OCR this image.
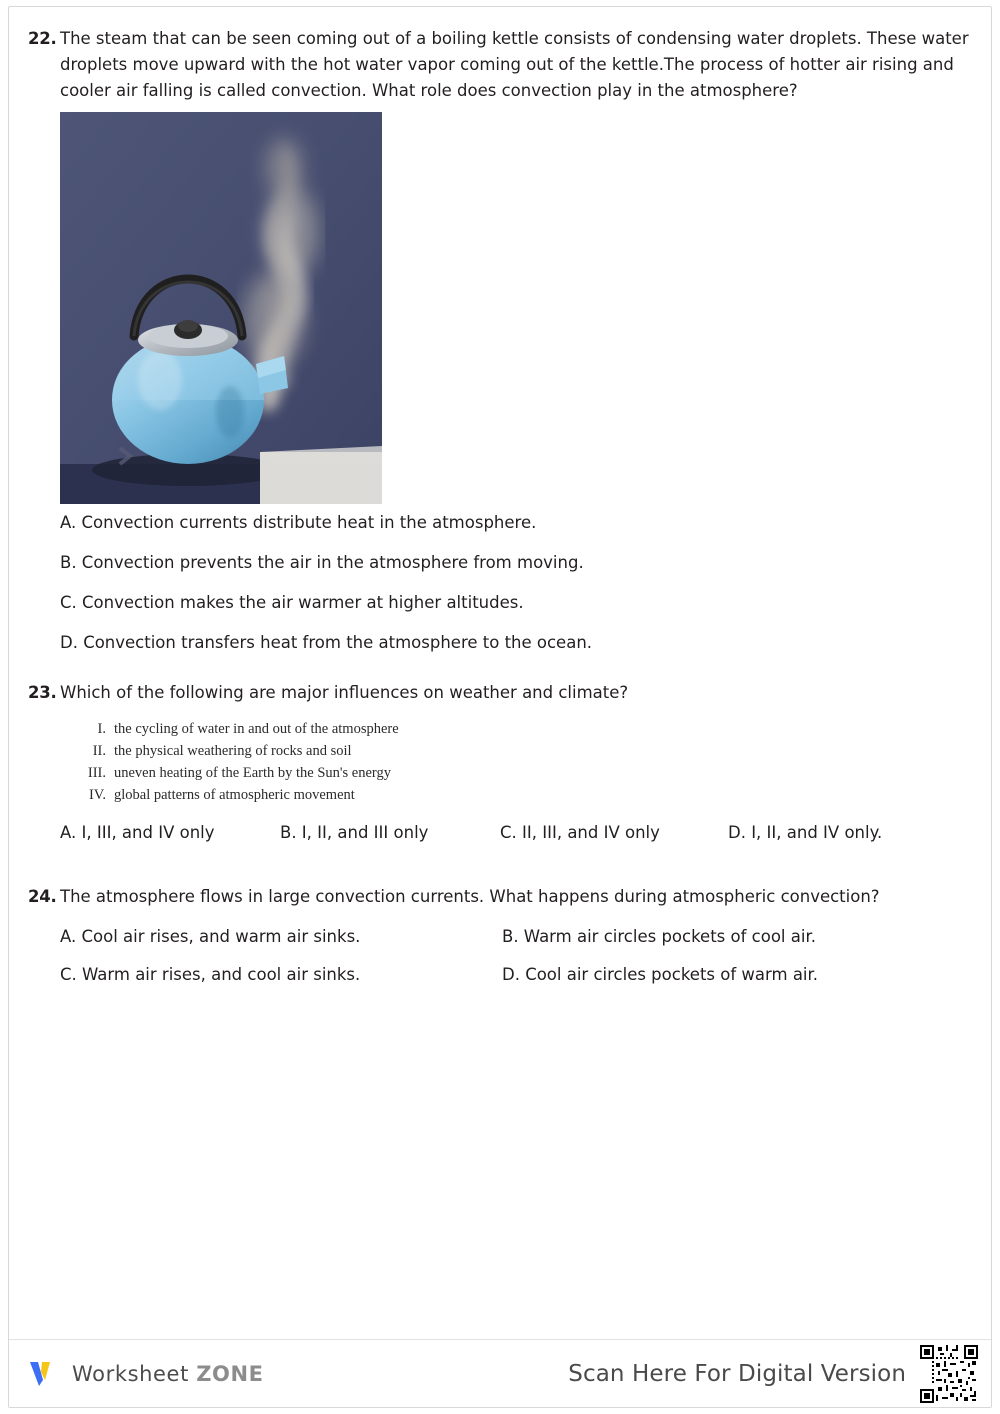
22. The steam that can be seen coming out of a boiling kettle consists of condensing water droplets. These water droplets move upward with the hot water vapor coming out of the kettle.The process of hotter air rising and cooler air falling is called convection. What role does convection play in the atmosphere?
A. Convection currents distribute heat in the atmosphere.
B. Convection prevents the air in the atmosphere from moving.
C. Convection makes the air warmer at higher altitudes.
D. Convection transfers heat from the atmosphere to the ocean.
23. Which of the following are major influences on weather and climate?
I. the cycling of water in and out of the atmosphere
II. the physical weathering of rocks and soil
III. uneven heating of the Earth by the Sun's energy
IV. global patterns of atmospheric movement
A. I, III, and IV only	B. I, II, and III only	C. II, III, and IV only	D. I, II, and IV only.
24. The atmosphere flows in large convection currents. What happens during atmospheric convection?
A. Cool air rises, and warm air sinks.	B. Warm air circles pockets of cool air.
C. Warm air rises, and cool air sinks.	D. Cool air circles pockets of warm air.
Worksheet ZONE	Scan Here For Digital Version
